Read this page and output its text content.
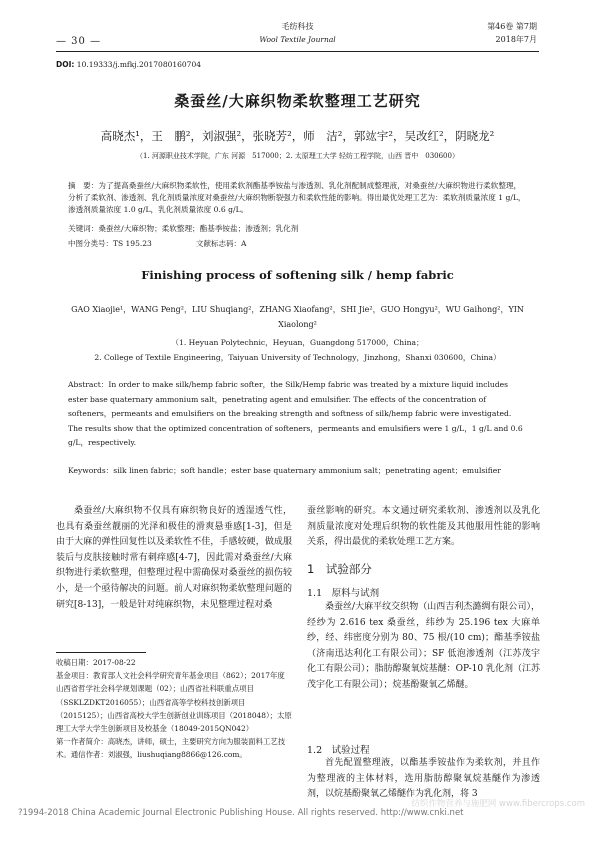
— 30 —
毛纺科技
Wool Textile Journal
第46卷 第7期
2018年7月
DOI: 10.19333/j.mfkj.2017080160704
桑蚕丝/大麻织物柔软整理工艺研究
高晓杰¹，王　鹏²，刘淑强²，张晓芳²，师　洁²，郭竑宇²，吴改红²，阴晓龙²
（1. 河源职业技术学院，广东 河源　517000；2. 太原理工大学 轻纺工程学院，山西 晋中　030600）
摘　要：为了提高桑蚕丝/大麻织物柔软性，使用柔软剂酯基季铵盐与渗透剂、乳化剂配制成整理液，对桑蚕丝/大麻织物进行柔软整理，分析了柔软剂、渗透剂、乳化剂质量浓度对桑蚕丝/大麻织物断裂强力和柔软性能的影响。得出最优处理工艺为：柔软剂质量浓度 1 g/L，渗透剂质量浓度 1.0 g/L，乳化剂质量浓度 0.6 g/L。
关键词：桑蚕丝/大麻织物；柔软整理；酯基季铵盐；渗透剂；乳化剂
中图分类号：TS 195.23	文献标志码：A
Finishing process of softening silk / hemp fabric
GAO Xiaojie¹，WANG Peng²，LIU Shuqiang²，ZHANG Xiaofang²，SHI Jie²，GUO Hongyu²，WU Gaihong²，YIN Xiaolong²
（1. Heyuan Polytechnic，Heyuan，Guangdong 517000，China；
2. College of Textile Engineering，Taiyuan University of Technology，Jinzhong，Shanxi 030600，China）
Abstract：In order to make silk/hemp fabric softer，the Silk/Hemp fabric was treated by a mixture liquid includes ester base quaternary ammonium salt，penetrating agent and emulsifier. The effects of the concentration of softeners，permeants and emulsifiers on the breaking strength and softness of silk/hemp fabric were investigated. The results show that the optimized concentration of softeners，permeants and emulsifiers were 1 g/L，1 g/L and 0.6 g/L，respectively.
Keywords：silk linen fabric；soft handle；ester base quaternary ammonium salt；penetrating agent；emulsifier
桑蚕丝/大麻织物不仅具有麻织物良好的透湿透气性，也具有桑蚕丝靓丽的光泽和极佳的滑爽悬垂感[1-3]，但是由于大麻的弹性回复性以及柔软性不佳，手感较硬，做成服装后与皮肤接触时常有刺痒感[4-7]，因此需对桑蚕丝/大麻织物进行柔软整理，但整理过程中需确保对桑蚕丝的损伤较小，是一个亟待解决的问题。前人对麻织物柔软整理问题的研究[8-13]，一般是针对纯麻织物，未见整理过程对桑
收稿日期：2017-08-22
基金项目：教育部人文社会科学研究青年基金项目（862）；2017年度山西省哲学社会科学规划课题（02）；山西省社科联重点项目（SSKLZDKT2016055）；山西省高等学校科技创新项目（2015125）；山西省高校大学生创新创业训练项目（2018048）；太原理工大学大学生创新项目及校基金（18049-2015QN042）
第一作者简介：高晓杰，讲师，硕士，主要研究方向为服装面料工艺技术。通信作者：刘淑强，liushuqiang8866@126.com。
蚕丝影响的研究。本文通过研究柔软剂、渗透剂以及乳化剂质量浓度对处理后织物的软性能及其他服用性能的影响关系，得出最优的柔软处理工艺方案。
1　试验部分
1.1　原料与试剂
桑蚕丝/大麻平纹交织物（山西吉利杰潞绸有限公司），经纱为 2.616 tex 桑蚕丝，纬纱为 25.196 tex 大麻单纱，经、纬密度分别为 80、75 根/(10 cm)；酯基季铵盐（济南迅达利化工有限公司）；SF 低泡渗透剂（江苏茂宇化工有限公司）；脂肪醇聚氧烷基醚：OP-10 乳化剂（江苏茂宇化工有限公司）；烷基酚聚氧乙烯醚。
1.2　试验过程
首先配置整理液，以酯基季铵盐作为柔软剂，并且作为整理液的主体材料，选用脂肪醇聚氧烷基醚作为渗透剂，以烷基酚聚氧乙烯醚作为乳化剂，将 3
?1994-2018 China Academic Journal Electronic Publishing House. All rights reserved. http://www.cnki.net
纺织作物营养与施肥网 www.fibercrops.com
